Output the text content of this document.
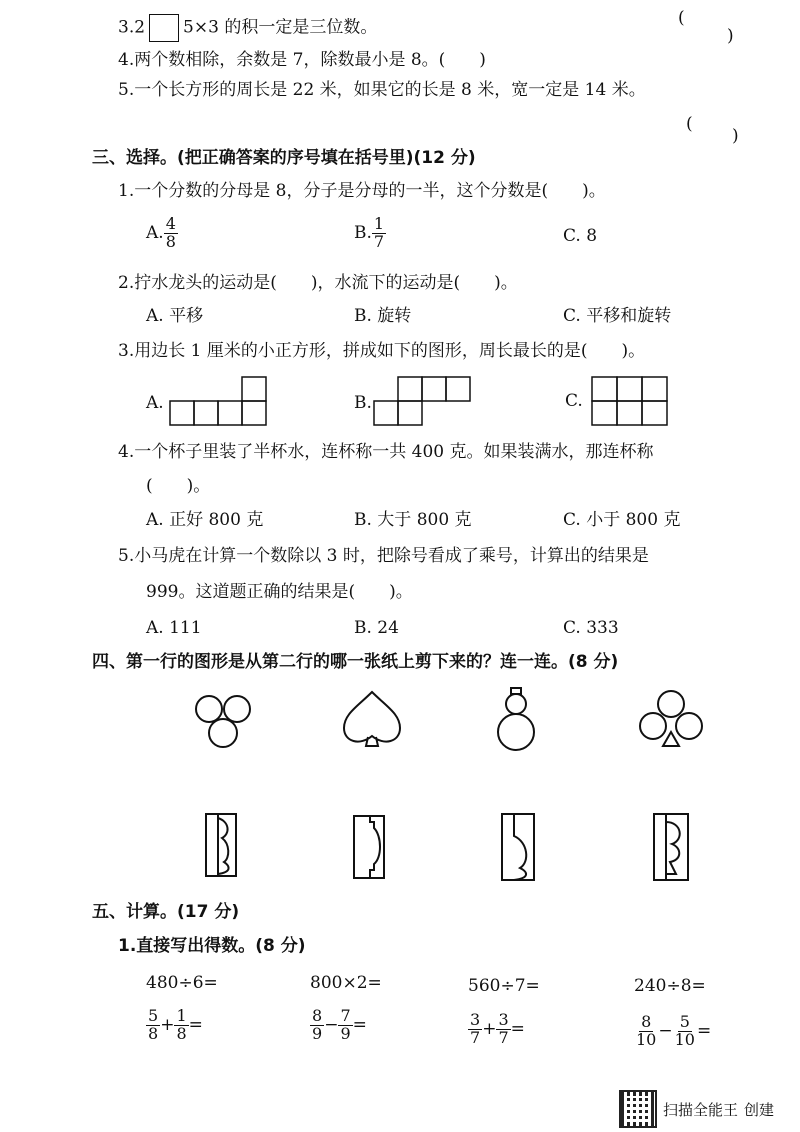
3.2 5×3 的积一定是三位数。	(
)
4.两个数相除，余数是 7，除数最小是 8。(　　)
5.一个长方形的周长是 22 米，如果它的长是 8 米，宽一定是 14 米。
(
)
三、选择。(把正确答案的序号填在括号里)(12 分)
1.一个分数的分母是 8，分子是分母的一半，这个分数是(　　)。
A. $\frac{4}{8}$	B. $\frac{1}{7}$	C. 8
2.拧水龙头的运动是(　　)，水流下的运动是(　　)。
A. 平移	B. 旋转	C. 平移和旋转
3.用边长 1 厘米的小正方形，拼成如下的图形，周长最长的是(　　)。
A.	B.	C.
4.一个杯子里装了半杯水，连杯称一共 400 克。如果装满水，那连杯称
(　　)。
A. 正好 800 克	B. 大于 800 克	C. 小于 800 克
5.小马虎在计算一个数除以 3 时，把除号看成了乘号，计算出的结果是
999。这道题正确的结果是(　　)。
A. 111	B. 24	C. 333
四、第一行的图形是从第二行的哪一张纸上剪下来的？连一连。(8 分)
五、计算。(17 分)
1.直接写出得数。(8 分)
480÷6=	800×2=	560÷7=	240÷8=
$\frac{5}{8} + \frac{1}{8}$ =	$\frac{8}{9} - \frac{7}{9}$ =	$\frac{3}{7} + \frac{3}{7}$ =	$\frac{8}{10} - \frac{5}{10}$ =
扫描全能王 创建
